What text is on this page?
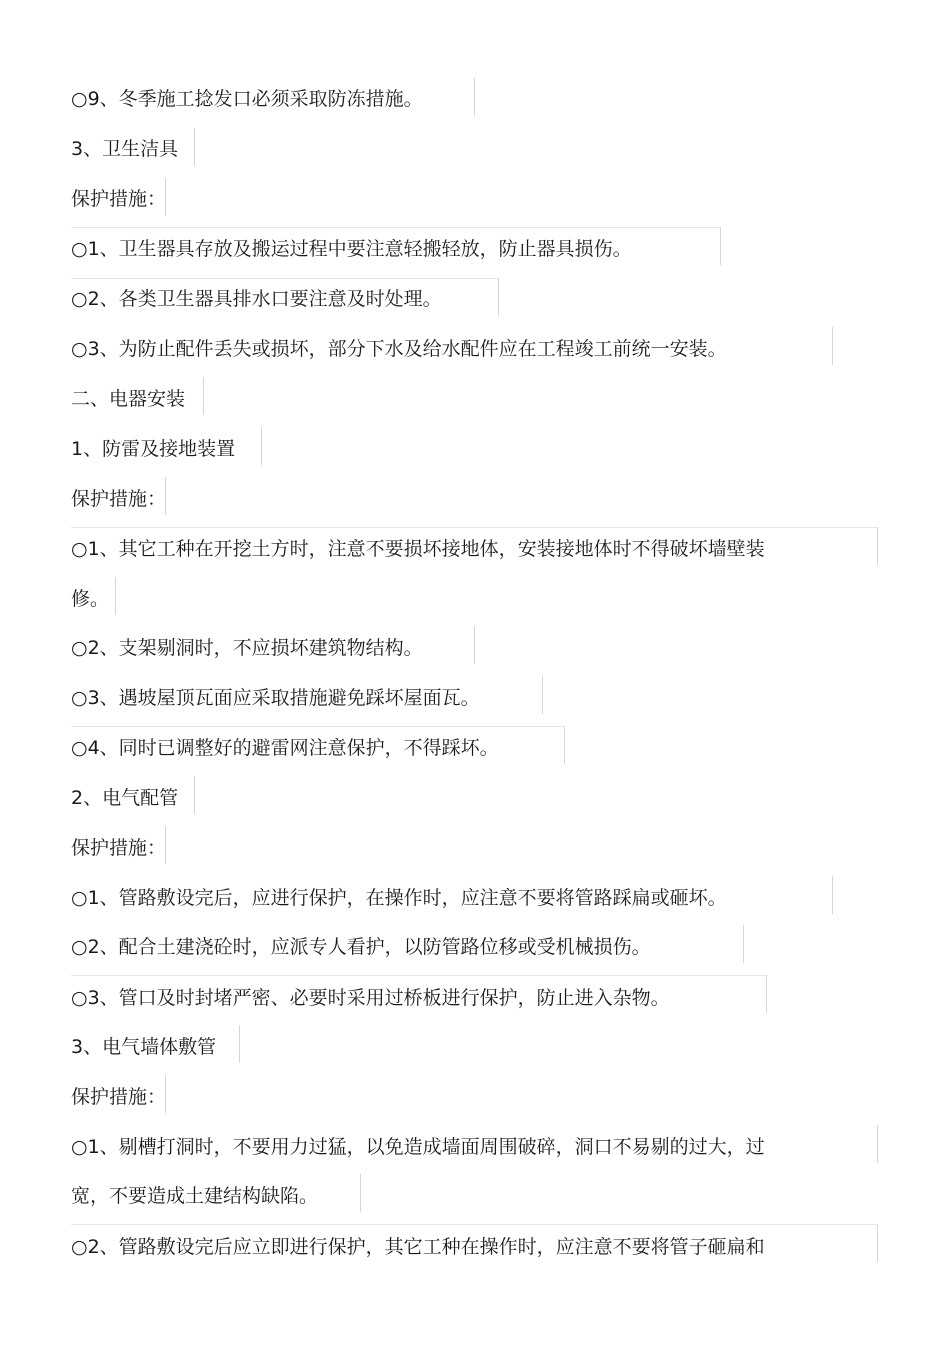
○9、冬季施工捻发口必须采取防冻措施。
3、卫生洁具
保护措施：
○1、卫生器具存放及搬运过程中要注意轻搬轻放，防止器具损伤。
○2、各类卫生器具排水口要注意及时处理。
○3、为防止配件丢失或损坏，部分下水及给水配件应在工程竣工前统一安装。
二、电器安装
1、防雷及接地装置
保护措施：
○1、其它工种在开挖土方时，注意不要损坏接地体，安装接地体时不得破坏墙壁装
修。
○2、支架剔洞时，不应损坏建筑物结构。
○3、遇坡屋顶瓦面应采取措施避免踩坏屋面瓦。
○4、同时已调整好的避雷网注意保护，不得踩坏。
2、电气配管
保护措施：
○1、管路敷设完后，应进行保护，在操作时，应注意不要将管路踩扁或砸坏。
○2、配合土建浇砼时，应派专人看护，以防管路位移或受机械损伤。
○3、管口及时封堵严密、必要时采用过桥板进行保护，防止进入杂物。
3、电气墙体敷管
保护措施：
○1、剔槽打洞时，不要用力过猛，以免造成墙面周围破碎，洞口不易剔的过大，过
宽，不要造成土建结构缺陷。
○2、管路敷设完后应立即进行保护，其它工种在操作时，应注意不要将管子砸扁和
